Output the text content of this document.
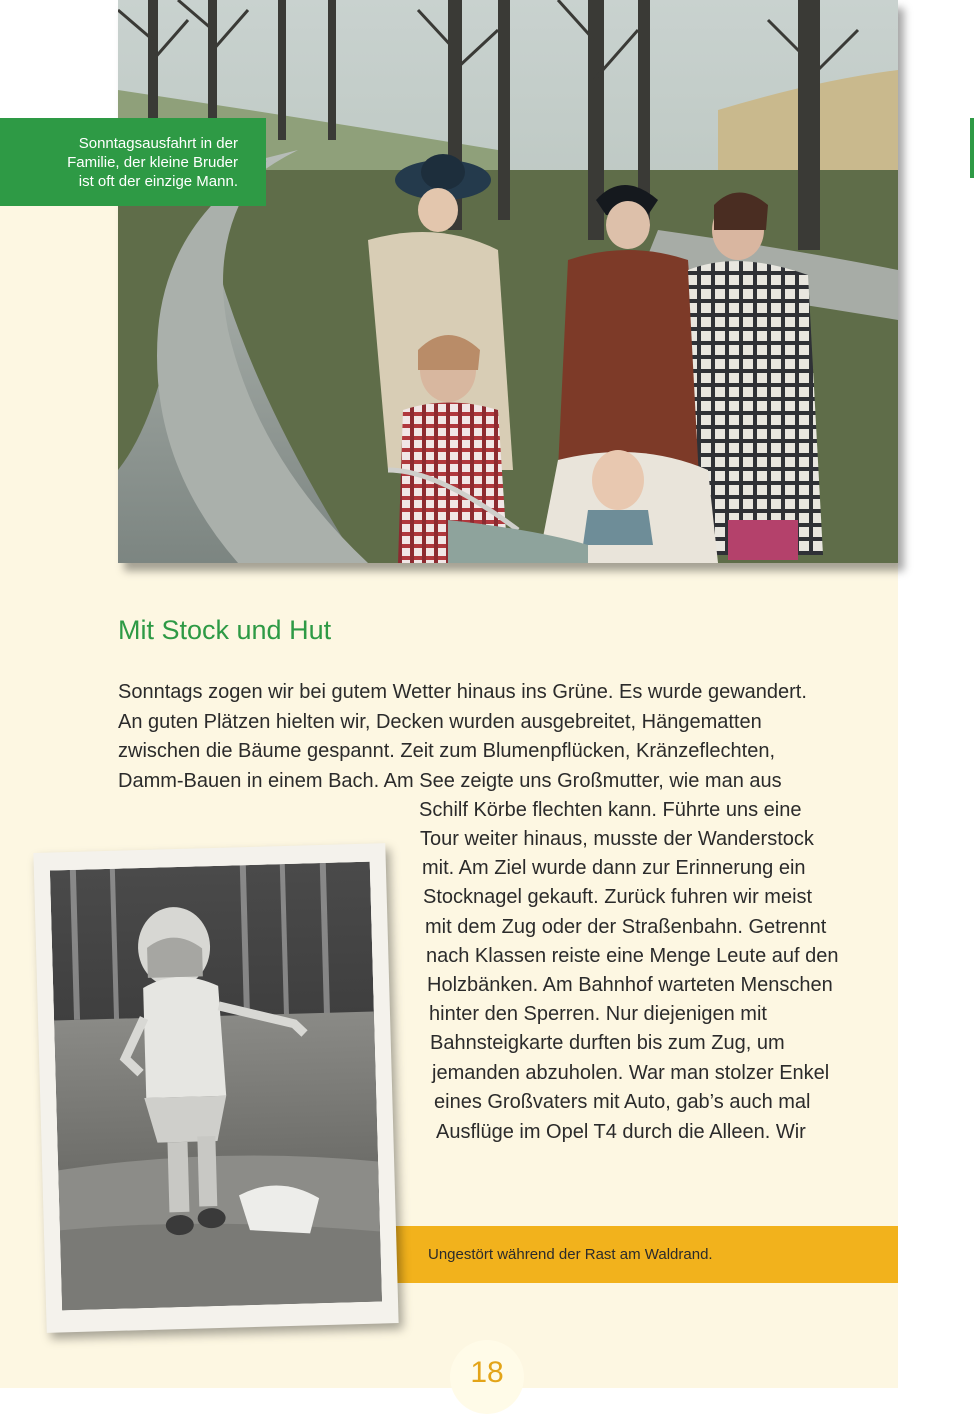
Sonntagsausfahrt in der
Familie, der kleine Bruder
ist oft der einzige Mann.
Mit Stock und Hut
Sonntags zogen wir bei gutem Wetter hinaus ins Grüne. Es wurde gewandert.
An guten Plätzen hielten wir, Decken wurden ausgebreitet, Hängematten
zwischen die Bäume gespannt. Zeit zum Blumenpflücken, Kränzeflechten,
Damm-Bauen in einem Bach. Am See zeigte uns Großmutter, wie man aus
Schilf Körbe flechten kann. Führte uns eine
Tour weiter hinaus, musste der Wanderstock
mit. Am Ziel wurde dann zur Erinnerung ein
Stocknagel gekauft. Zurück fuhren wir meist
mit dem Zug oder der Straßenbahn. Getrennt
nach Klassen reiste eine Menge Leute auf den
Holzbänken. Am Bahnhof warteten Menschen
hinter den Sperren. Nur diejenigen mit
Bahnsteigkarte durften bis zum Zug, um
jemanden abzuholen. War man stolzer Enkel
eines Großvaters mit Auto, gab’s auch mal
Ausflüge im Opel T4 durch die Alleen. Wir
Ungestört während der Rast am Waldrand.
18
